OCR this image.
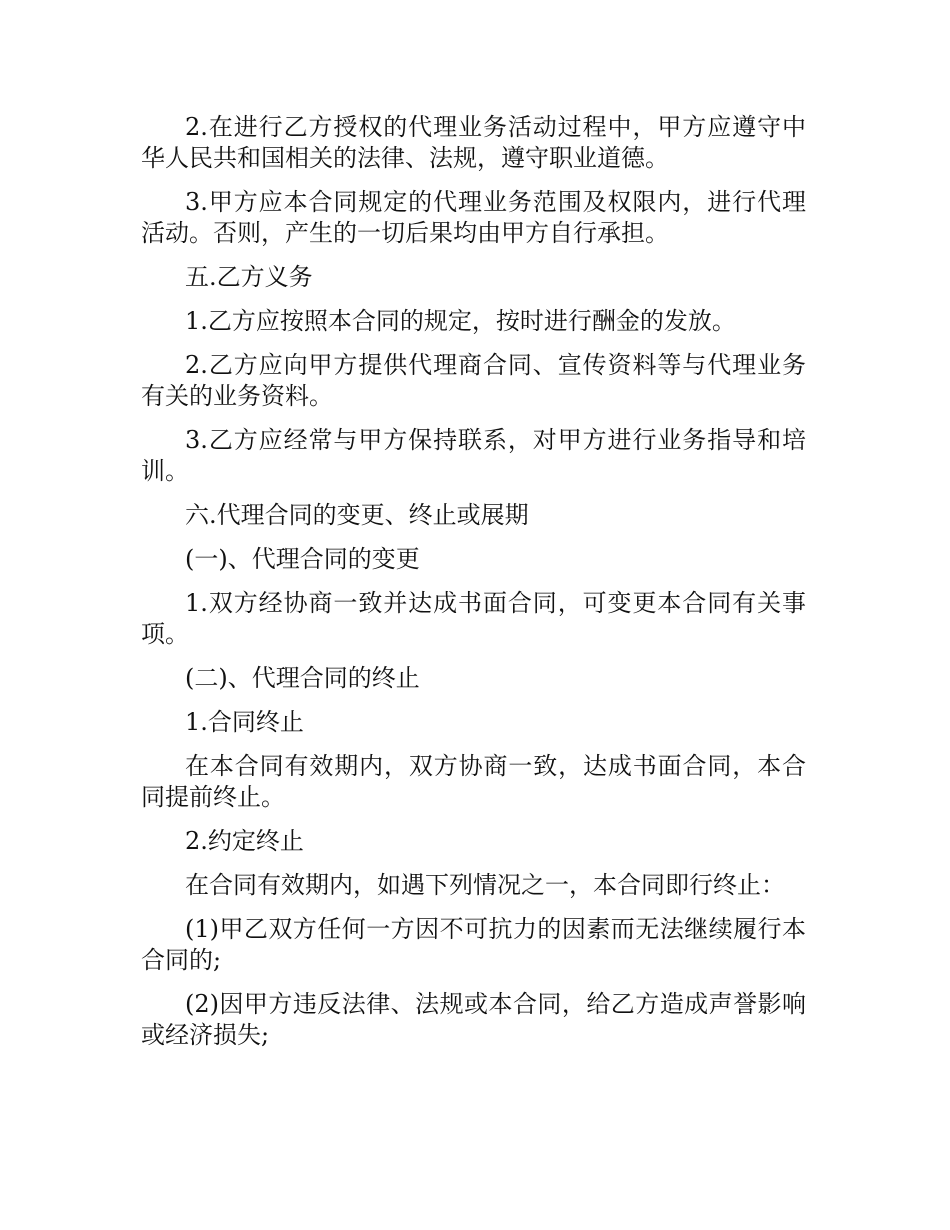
2.在进行乙方授权的代理业务活动过程中，甲方应遵守中华人民共和国相关的法律、法规，遵守职业道德。

3.甲方应本合同规定的代理业务范围及权限内，进行代理活动。否则，产生的一切后果均由甲方自行承担。

五.乙方义务

1.乙方应按照本合同的规定，按时进行酬金的发放。

2.乙方应向甲方提供代理商合同、宣传资料等与代理业务有关的业务资料。

3.乙方应经常与甲方保持联系，对甲方进行业务指导和培训。

六.代理合同的变更、终止或展期

(一)、代理合同的变更

1.双方经协商一致并达成书面合同，可变更本合同有关事项。

(二)、代理合同的终止

1.合同终止

在本合同有效期内，双方协商一致，达成书面合同，本合同提前终止。

2.约定终止

在合同有效期内，如遇下列情况之一，本合同即行终止：

(1)甲乙双方任何一方因不可抗力的因素而无法继续履行本合同的;

(2)因甲方违反法律、法规或本合同，给乙方造成声誉影响或经济损失;
